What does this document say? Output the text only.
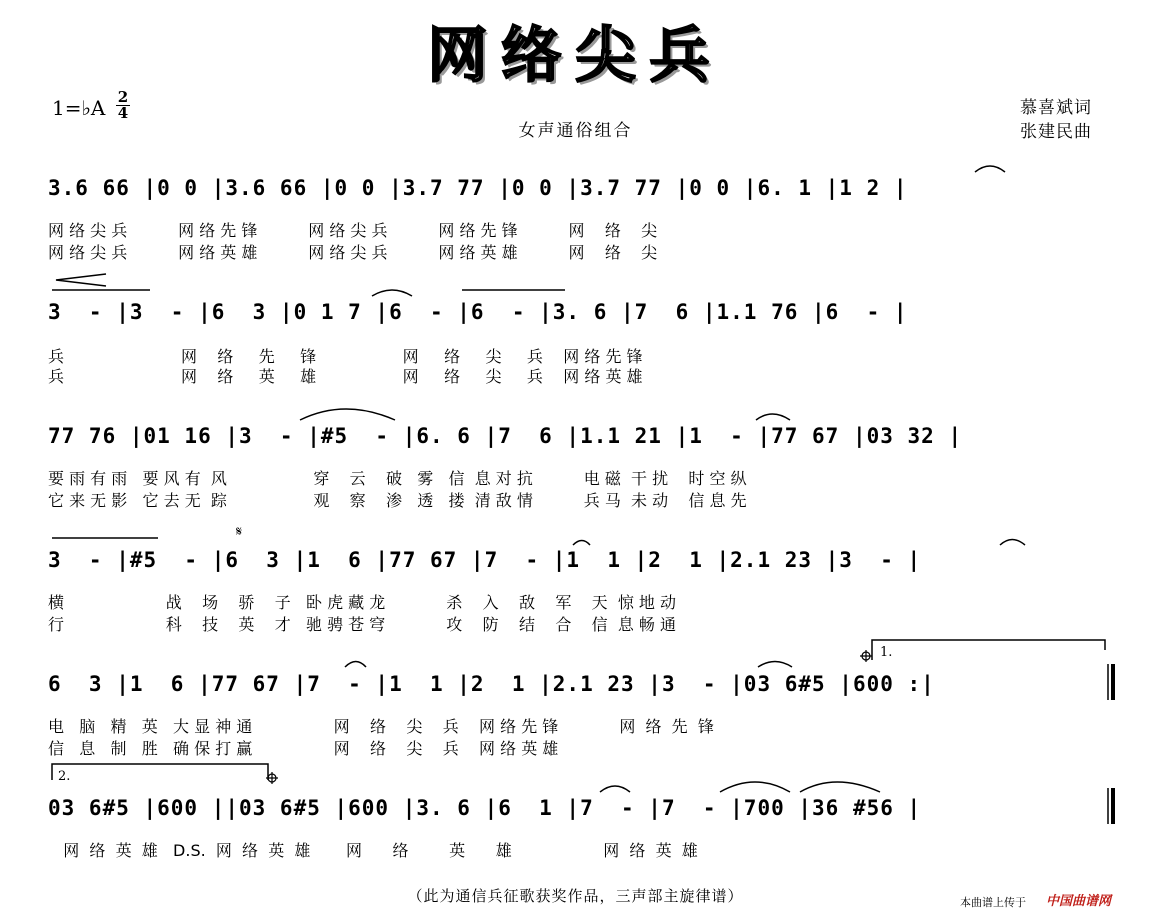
网络尖兵
1=♭A 2
4
女声通俗组合
慕喜斌词
张建民曲
3.6 66 |0 0 |3.6 66 |0 0 |3.7 77 |0 0 |3.7 77 |0 0 |6. 1 |1 2 |
网 络 尖 兵          网 络 先 锋          网 络 尖 兵          网 络 先 锋          网    络    尖
网 络 尖 兵          网 络 英 雄          网 络 尖 兵          网 络 英 雄          网    络    尖
3  - |3  - |6  3 |0 1 7 |6  - |6  - |3. 6 |7  6 |1.1 76 |6  - |
兵                       网    络     先     锋                 网     络     尖     兵    网 络 先 锋
兵                       网    络     英     雄                 网     络     尖     兵    网 络 英 雄
77 76 |01 16 |3  - |#5  - |6. 6 |7  6 |1.1 21 |1  - |77 67 |03 32 |
要 雨 有 雨   要 风 有  风                 穿    云    破   雾   信  息 对 抗          电 磁  干 扰    时 空 纵
它 来 无 影   它 去 无  踪                 观    察    渗   透   搂  清 敌 情          兵 马  未 动    信 息 先
3  - |#5  - |6  3 |1  6 |77 67 |7  - |1  1 |2  1 |2.1 23 |3  - |
横                    战    场    骄    子   卧 虎 藏 龙            杀    入    敌    军    天  惊 地 动
行                    科    技    英    才   驰 骋 苍 穹            攻    防    结    合    信  息 畅 通
6  3 |1  6 |77 67 |7  - |1  1 |2  1 |2.1 23 |3  - |03 6#5 |600 :|
电   脑   精   英   大 显 神 通                网    络    尖    兵    网 络 先 锋            网  络  先  锋
信   息   制   胜   确 保 打 赢                网    络    尖    兵    网 络 英 雄
03 6#5 |600 ||03 6#5 |600 |3. 6 |6  1 |7  - |7  - |700 |36 #56 |
网  络  英  雄   D.S.  网  络  英  雄       网      络        英      雄                  网  络  英  雄
1.
2.
𝄋
（此为通信兵征歌获奖作品，三声部主旋律谱）	本曲谱上传于 中国曲谱网
